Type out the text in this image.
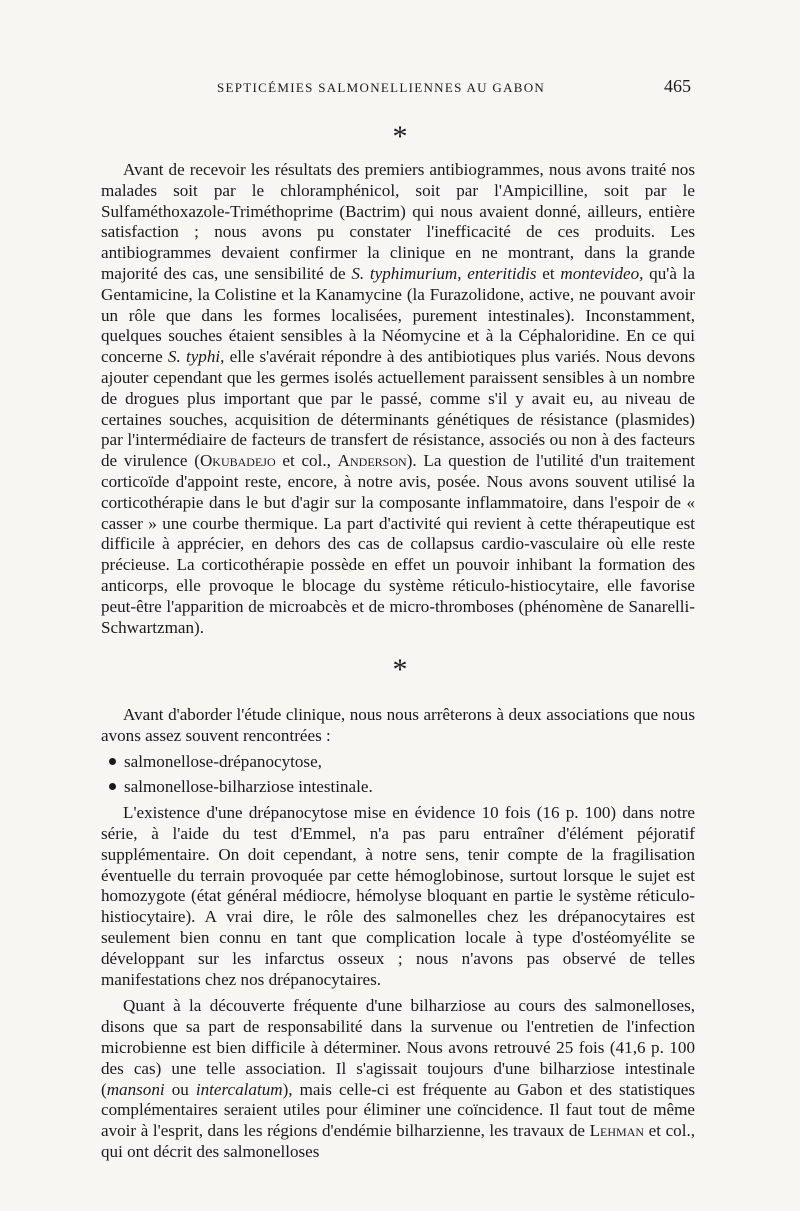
SEPTICÉMIES SALMONELLIENNES AU GABON	465
*

Avant de recevoir les résultats des premiers antibiogrammes, nous avons traité nos malades soit par le chloramphénicol, soit par l'Ampicilline, soit par le Sulfaméthoxazole-Triméthoprime (Bactrim) qui nous avaient donné, ailleurs, entière satisfaction ; nous avons pu constater l'inefficacité de ces produits. Les antibiogrammes devaient confirmer la clinique en ne montrant, dans la grande majorité des cas, une sensibilité de S. typhimurium, enteritidis et montevideo, qu'à la Gentamicine, la Colistine et la Kanamycine (la Furazolidone, active, ne pouvant avoir un rôle que dans les formes localisées, purement intestinales). Inconstamment, quelques souches étaient sensibles à la Néomycine et à la Céphaloridine. En ce qui concerne S. typhi, elle s'avérait répondre à des antibiotiques plus variés. Nous devons ajouter cependant que les germes isolés actuellement paraissent sensibles à un nombre de drogues plus important que par le passé, comme s'il y avait eu, au niveau de certaines souches, acquisition de déterminants génétiques de résistance (plasmides) par l'intermédiaire de facteurs de transfert de résistance, associés ou non à des facteurs de virulence (Okubadejo et col., Anderson). La question de l'utilité d'un traitement corticoïde d'appoint reste, encore, à notre avis, posée. Nous avons souvent utilisé la corticothérapie dans le but d'agir sur la composante inflammatoire, dans l'espoir de « casser » une courbe thermique. La part d'activité qui revient à cette thérapeutique est difficile à apprécier, en dehors des cas de collapsus cardio-vasculaire où elle reste précieuse. La corticothérapie possède en effet un pouvoir inhibant la formation des anticorps, elle provoque le blocage du système réticulo-histiocytaire, elle favorise peut-être l'apparition de microabcès et de micro-thromboses (phénomène de Sanarelli-Schwartzman).

*

Avant d'aborder l'étude clinique, nous nous arrêterons à deux associations que nous avons assez souvent rencontrées :

salmonellose-drépanocytose,
salmonellose-bilharziose intestinale.

L'existence d'une drépanocytose mise en évidence 10 fois (16 p. 100) dans notre série, à l'aide du test d'Emmel, n'a pas paru entraîner d'élément péjoratif supplémentaire. On doit cependant, à notre sens, tenir compte de la fragilisation éventuelle du terrain provoquée par cette hémoglobinose, surtout lorsque le sujet est homozygote (état général médiocre, hémolyse bloquant en partie le système réticulo-histiocytaire). A vrai dire, le rôle des salmonelles chez les drépanocytaires est seulement bien connu en tant que complication locale à type d'ostéomyélite se développant sur les infarctus osseux ; nous n'avons pas observé de telles manifestations chez nos drépanocytaires.

Quant à la découverte fréquente d'une bilharziose au cours des salmonelloses, disons que sa part de responsabilité dans la survenue ou l'entretien de l'infection microbienne est bien difficile à déterminer. Nous avons retrouvé 25 fois (41,6 p. 100 des cas) une telle association. Il s'agissait toujours d'une bilharziose intestinale (mansoni ou intercalatum), mais celle-ci est fréquente au Gabon et des statistiques complémentaires seraient utiles pour éliminer une coïncidence. Il faut tout de même avoir à l'esprit, dans les régions d'endémie bilharzienne, les travaux de Lehman et col., qui ont décrit des salmonelloses
